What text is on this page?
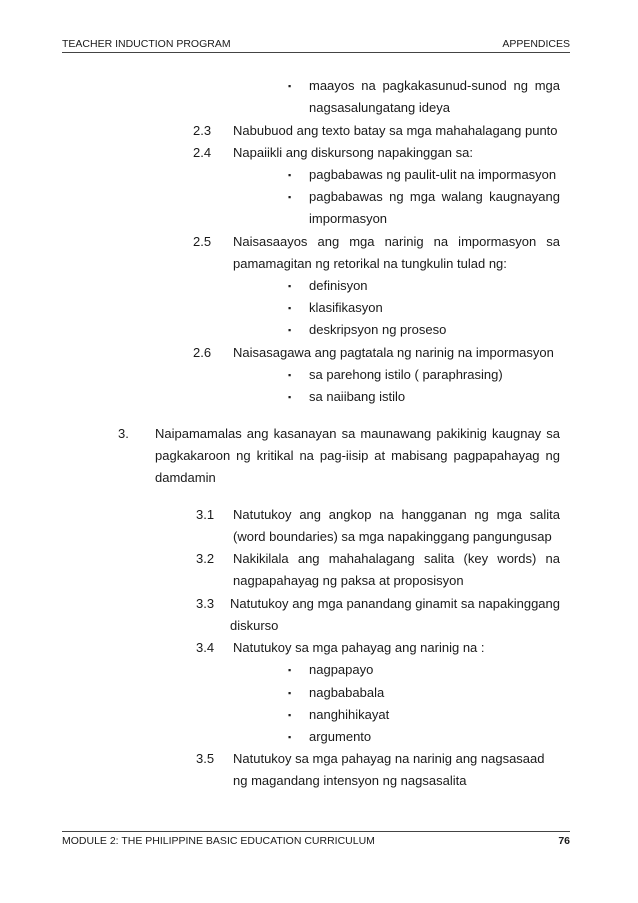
TEACHER INDUCTION PROGRAM	APPENDICES
▪ maayos na pagkakasunud-sunod ng mga
nagsasalungatang ideya
2.3 Nabubuod ang texto batay sa mga mahahalagang punto
2.4 Napaiikli ang diskursong napakinggan sa:
▪ pagbabawas ng paulit-ulit na impormasyon
▪ pagbabawas ng mga walang kaugnayang
impormasyon
2.5 Naisasaayos ang mga narinig na impormasyon sa
pamamagitan ng retorikal na tungkulin tulad ng:
▪ definisyon
▪ klasifikasyon
▪ deskripsyon ng proseso
2.6 Naisasagawa ang pagtatala ng narinig na impormasyon
▪ sa parehong istilo ( paraphrasing)
▪ sa naiibang istilo
3. Naipamamalas ang kasanayan sa maunawang pakikinig kaugnay sa
pagkakaroon ng kritikal na pag-iisip at mabisang pagpapahayag ng
damdamin
3.1 Natutukoy ang angkop na hangganan ng mga salita
(word boundaries) sa mga napakinggang pangungusap
3.2 Nakikilala ang mahahalagang salita (key words) na
nagpapahayag ng paksa at proposisyon
3.3 Natutukoy ang mga panandang ginamit sa napakinggang
diskurso
3.4 Natutukoy sa mga pahayag ang narinig na :
▪ nagpapayo
▪ nagbababala
▪ nanghihikayat
▪ argumento
3.5 Natutukoy sa mga pahayag na narinig ang nagsasaad
ng magandang intensyon ng nagsasalita
MODULE 2: THE PHILIPPINE BASIC EDUCATION CURRICULUM	76
